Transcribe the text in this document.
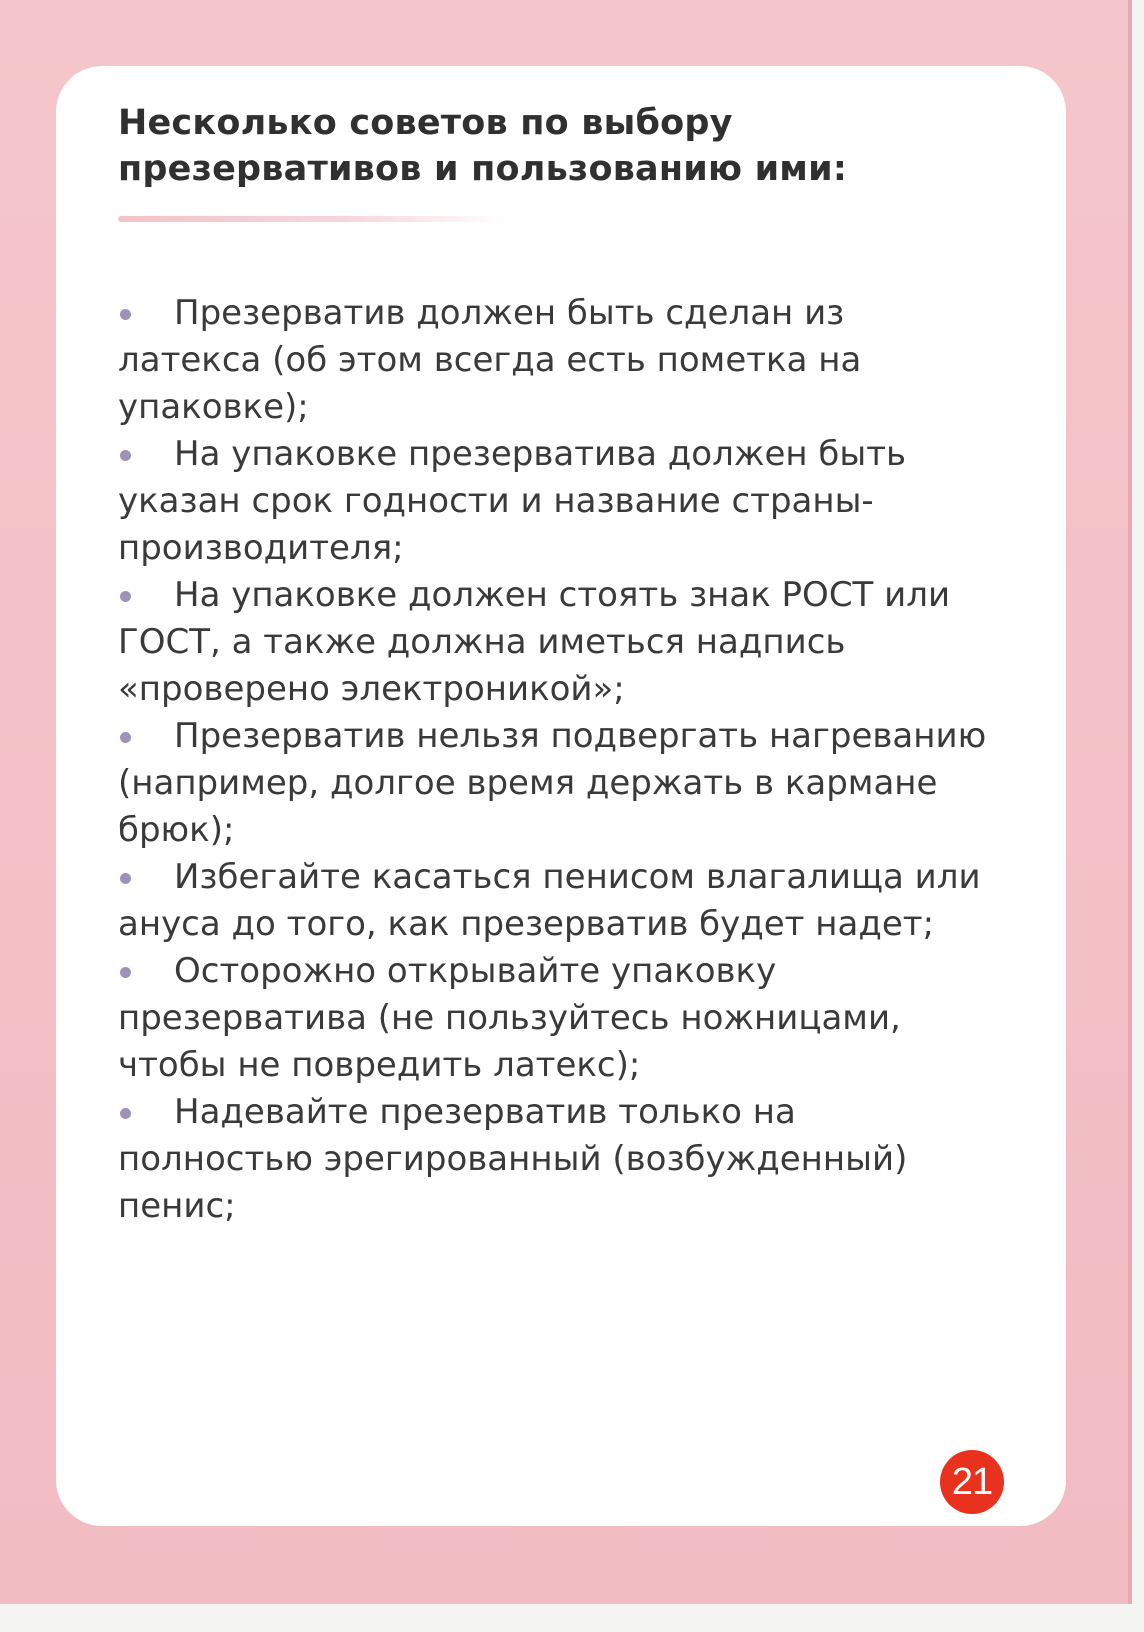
Несколько советов по выбору
презервативов и пользованию ими:
Презерватив должен быть сделан из латекса (об этом всегда есть пометка на упаковке);
На упаковке презерватива должен быть указан срок годности и название страны-производителя;
На упаковке должен стоять знак РОСТ или ГОСТ, а также должна иметься надпись «проверено электроникой»;
Презерватив нельзя подвергать нагреванию (например, долгое время держать в кармане брюк);
Избегайте касаться пенисом влагалища или ануса до того, как презерватив будет надет;
Осторожно открывайте упаковку презерватива (не пользуйтесь ножницами, чтобы не повредить латекс);
Надевайте презерватив только на полностью эрегированный (возбужденный) пенис;
21
